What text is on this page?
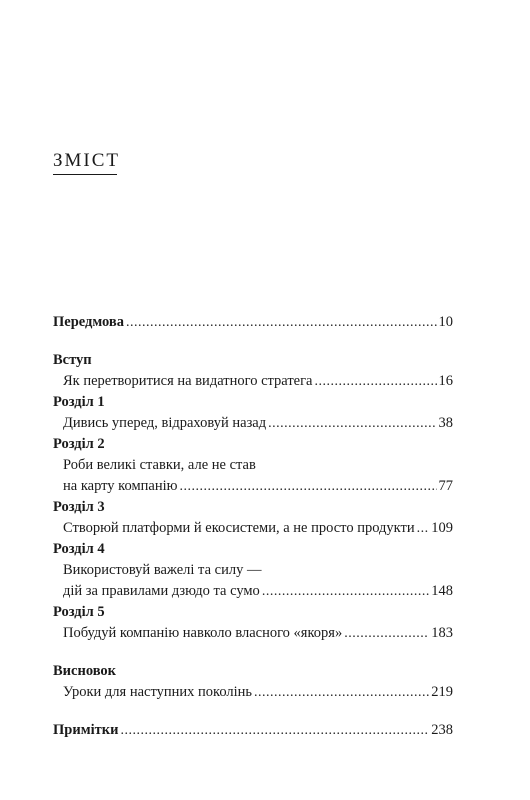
ЗМІСТ
Передмова .....	10
Вступ
Як перетворитися на видатного стратега .....	16
Розділ 1
Дивись уперед, відраховуй назад .....	38
Розділ 2
Роби великі ставки, але не став
на карту компанію .....	77
Розділ 3
Створюй платформи й екосистеми, а не просто продукти ..... 109
Розділ 4
Використовуй важелі та силу —
дій за правилами дзюдо та сумо .....	148
Розділ 5
Побудуй компанію навколо власного «якоря» .....	183
Висновок
Уроки для наступних поколінь .....	219
Примітки .....	238
